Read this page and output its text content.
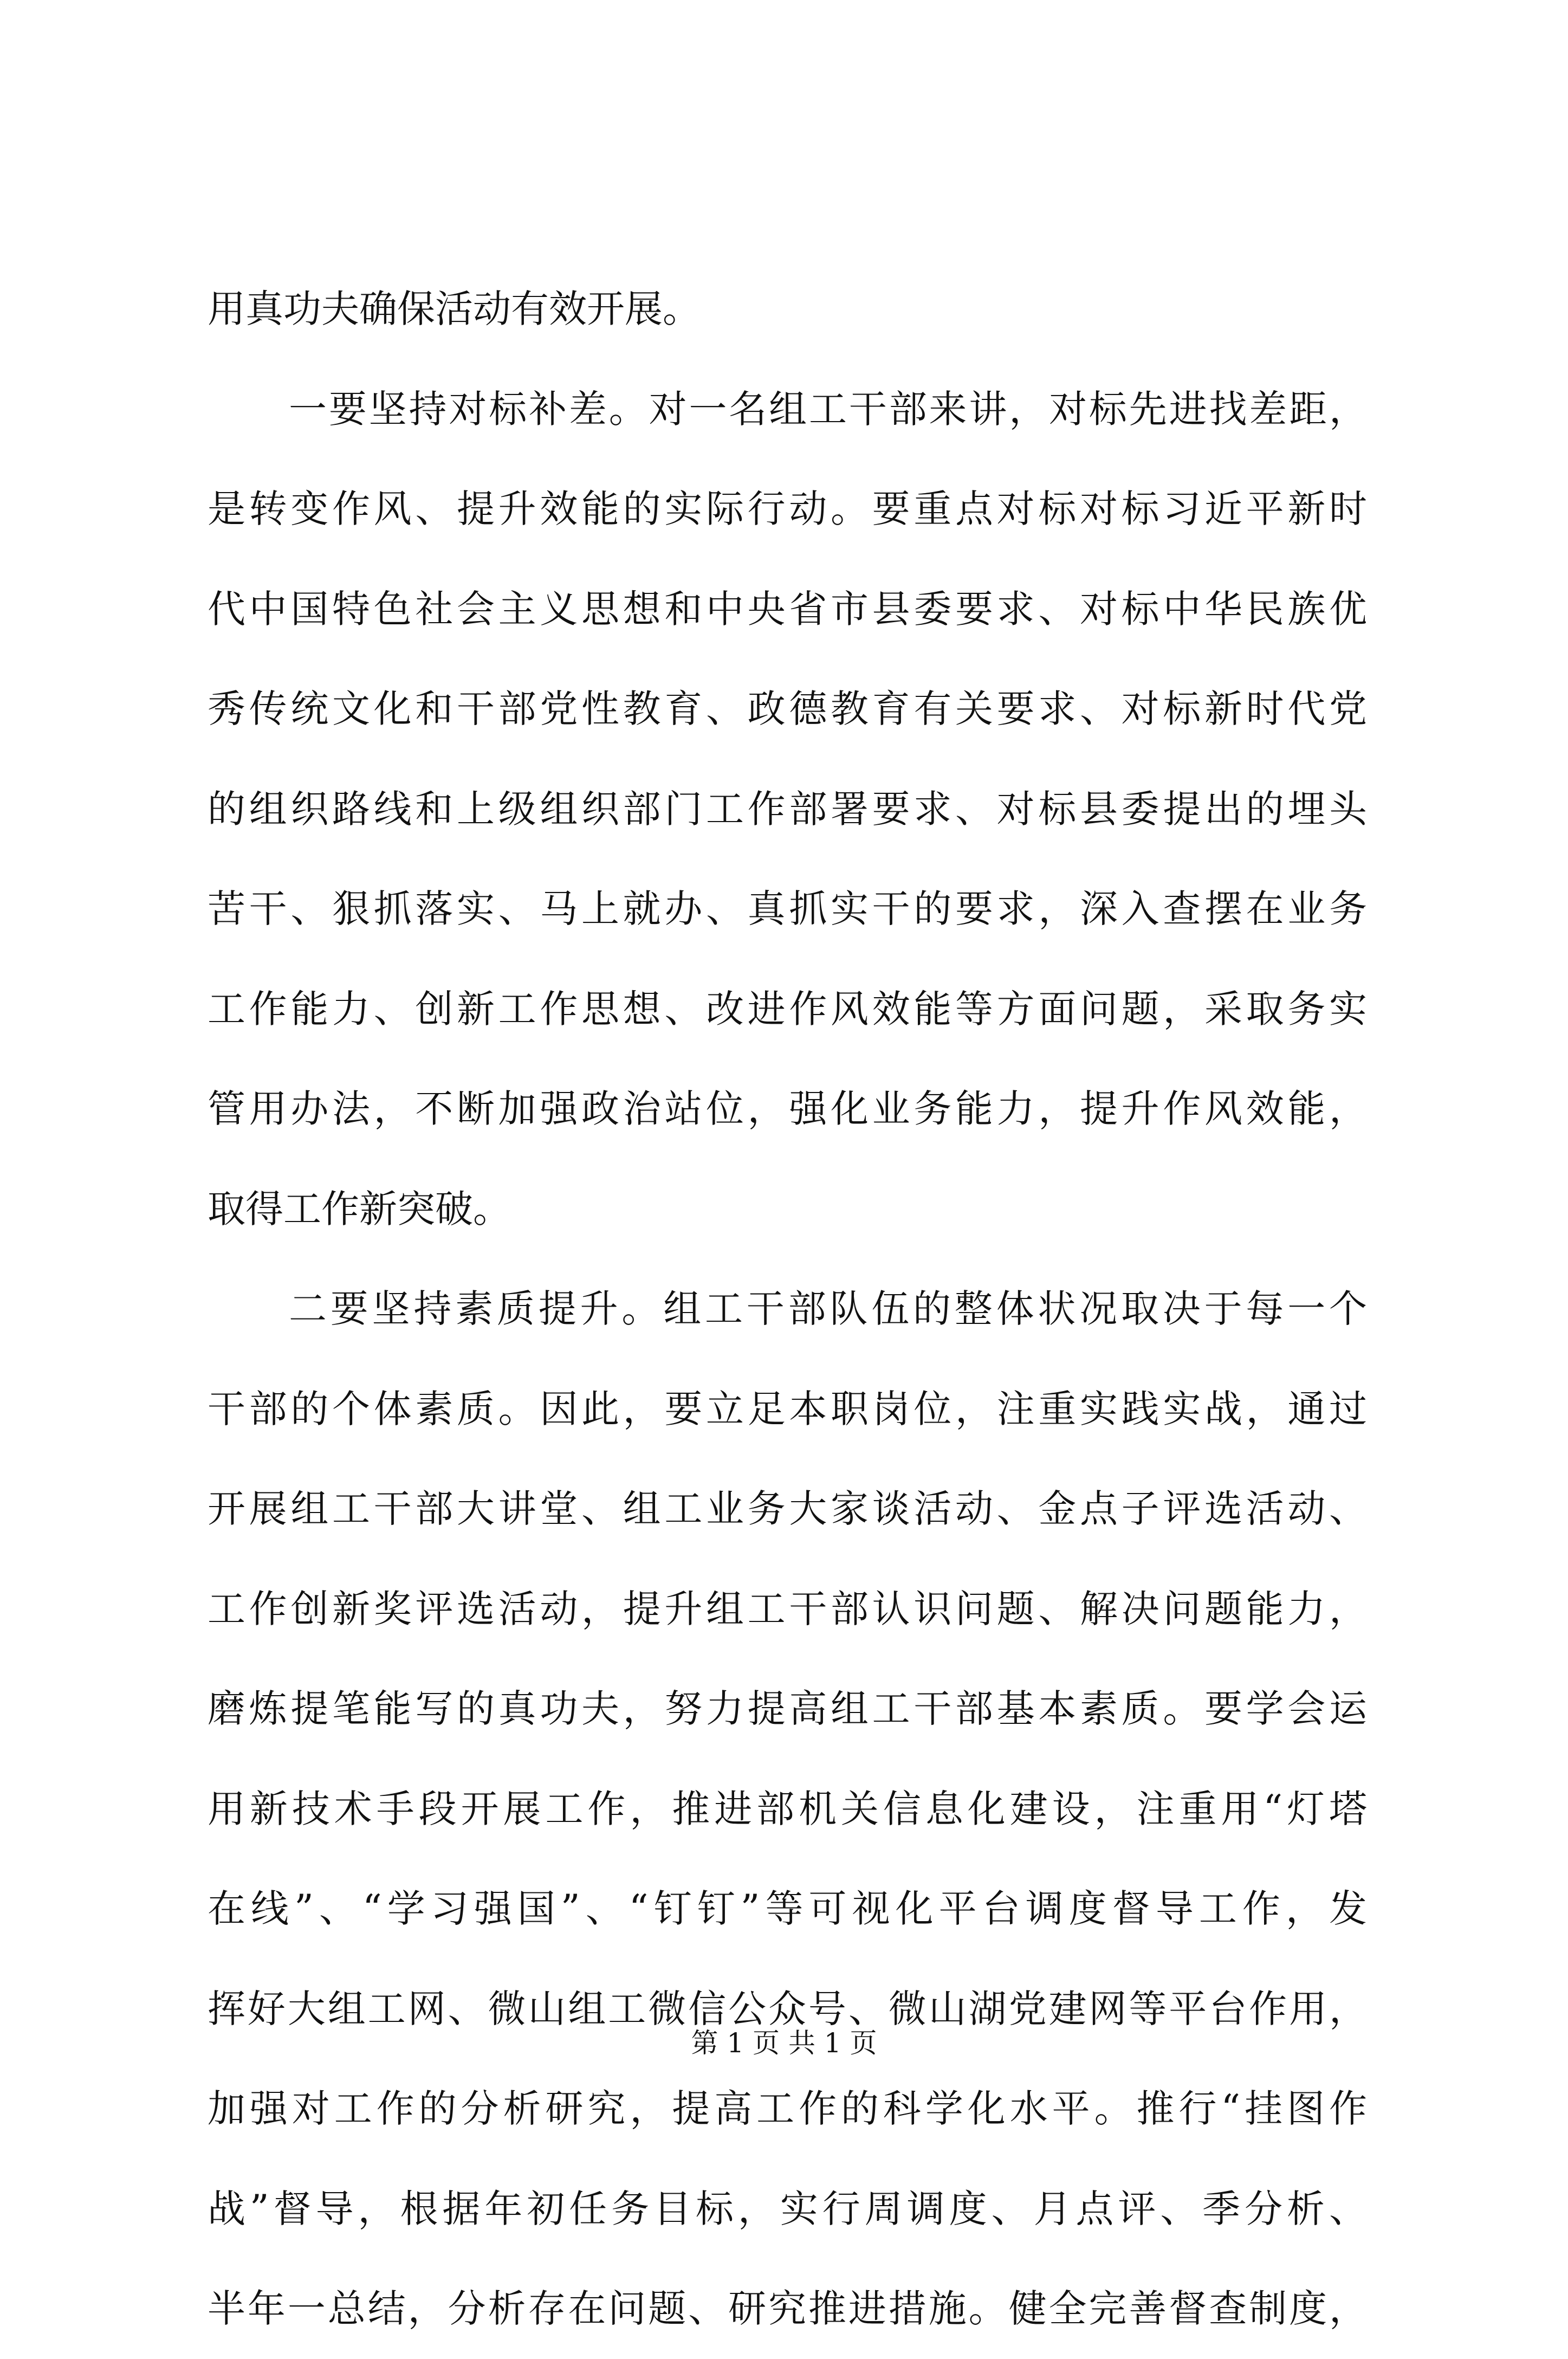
用真功夫确保活动有效开展。
一要坚持对标补差。对一名组工干部来讲，对标先进找差距，
是转变作风、提升效能的实际行动。要重点对标对标习近平新时
代中国特色社会主义思想和中央省市县委要求、对标中华民族优
秀传统文化和干部党性教育、政德教育有关要求、对标新时代党
的组织路线和上级组织部门工作部署要求、对标县委提出的埋头
苦干、狠抓落实、马上就办、真抓实干的要求，深入查摆在业务
工作能力、创新工作思想、改进作风效能等方面问题，采取务实
管用办法，不断加强政治站位，强化业务能力，提升作风效能，
取得工作新突破。
二要坚持素质提升。组工干部队伍的整体状况取决于每一个
干部的个体素质。因此，要立足本职岗位，注重实践实战，通过
开展组工干部大讲堂、组工业务大家谈活动、金点子评选活动、
工作创新奖评选活动，提升组工干部认识问题、解决问题能力，
磨炼提笔能写的真功夫，努力提高组工干部基本素质。要学会运
用新技术手段开展工作，推进部机关信息化建设，注重用“灯塔
在线”、“学习强国”、“钉钉”等可视化平台调度督导工作，发
挥好大组工网、微山组工微信公众号、微山湖党建网等平台作用，
加强对工作的分析研究，提高工作的科学化水平。推行“挂图作
战”督导，根据年初任务目标，实行周调度、月点评、季分析、
半年一总结，分析存在问题、研究推进措施。健全完善督查制度，
第 1 页 共 1 页
